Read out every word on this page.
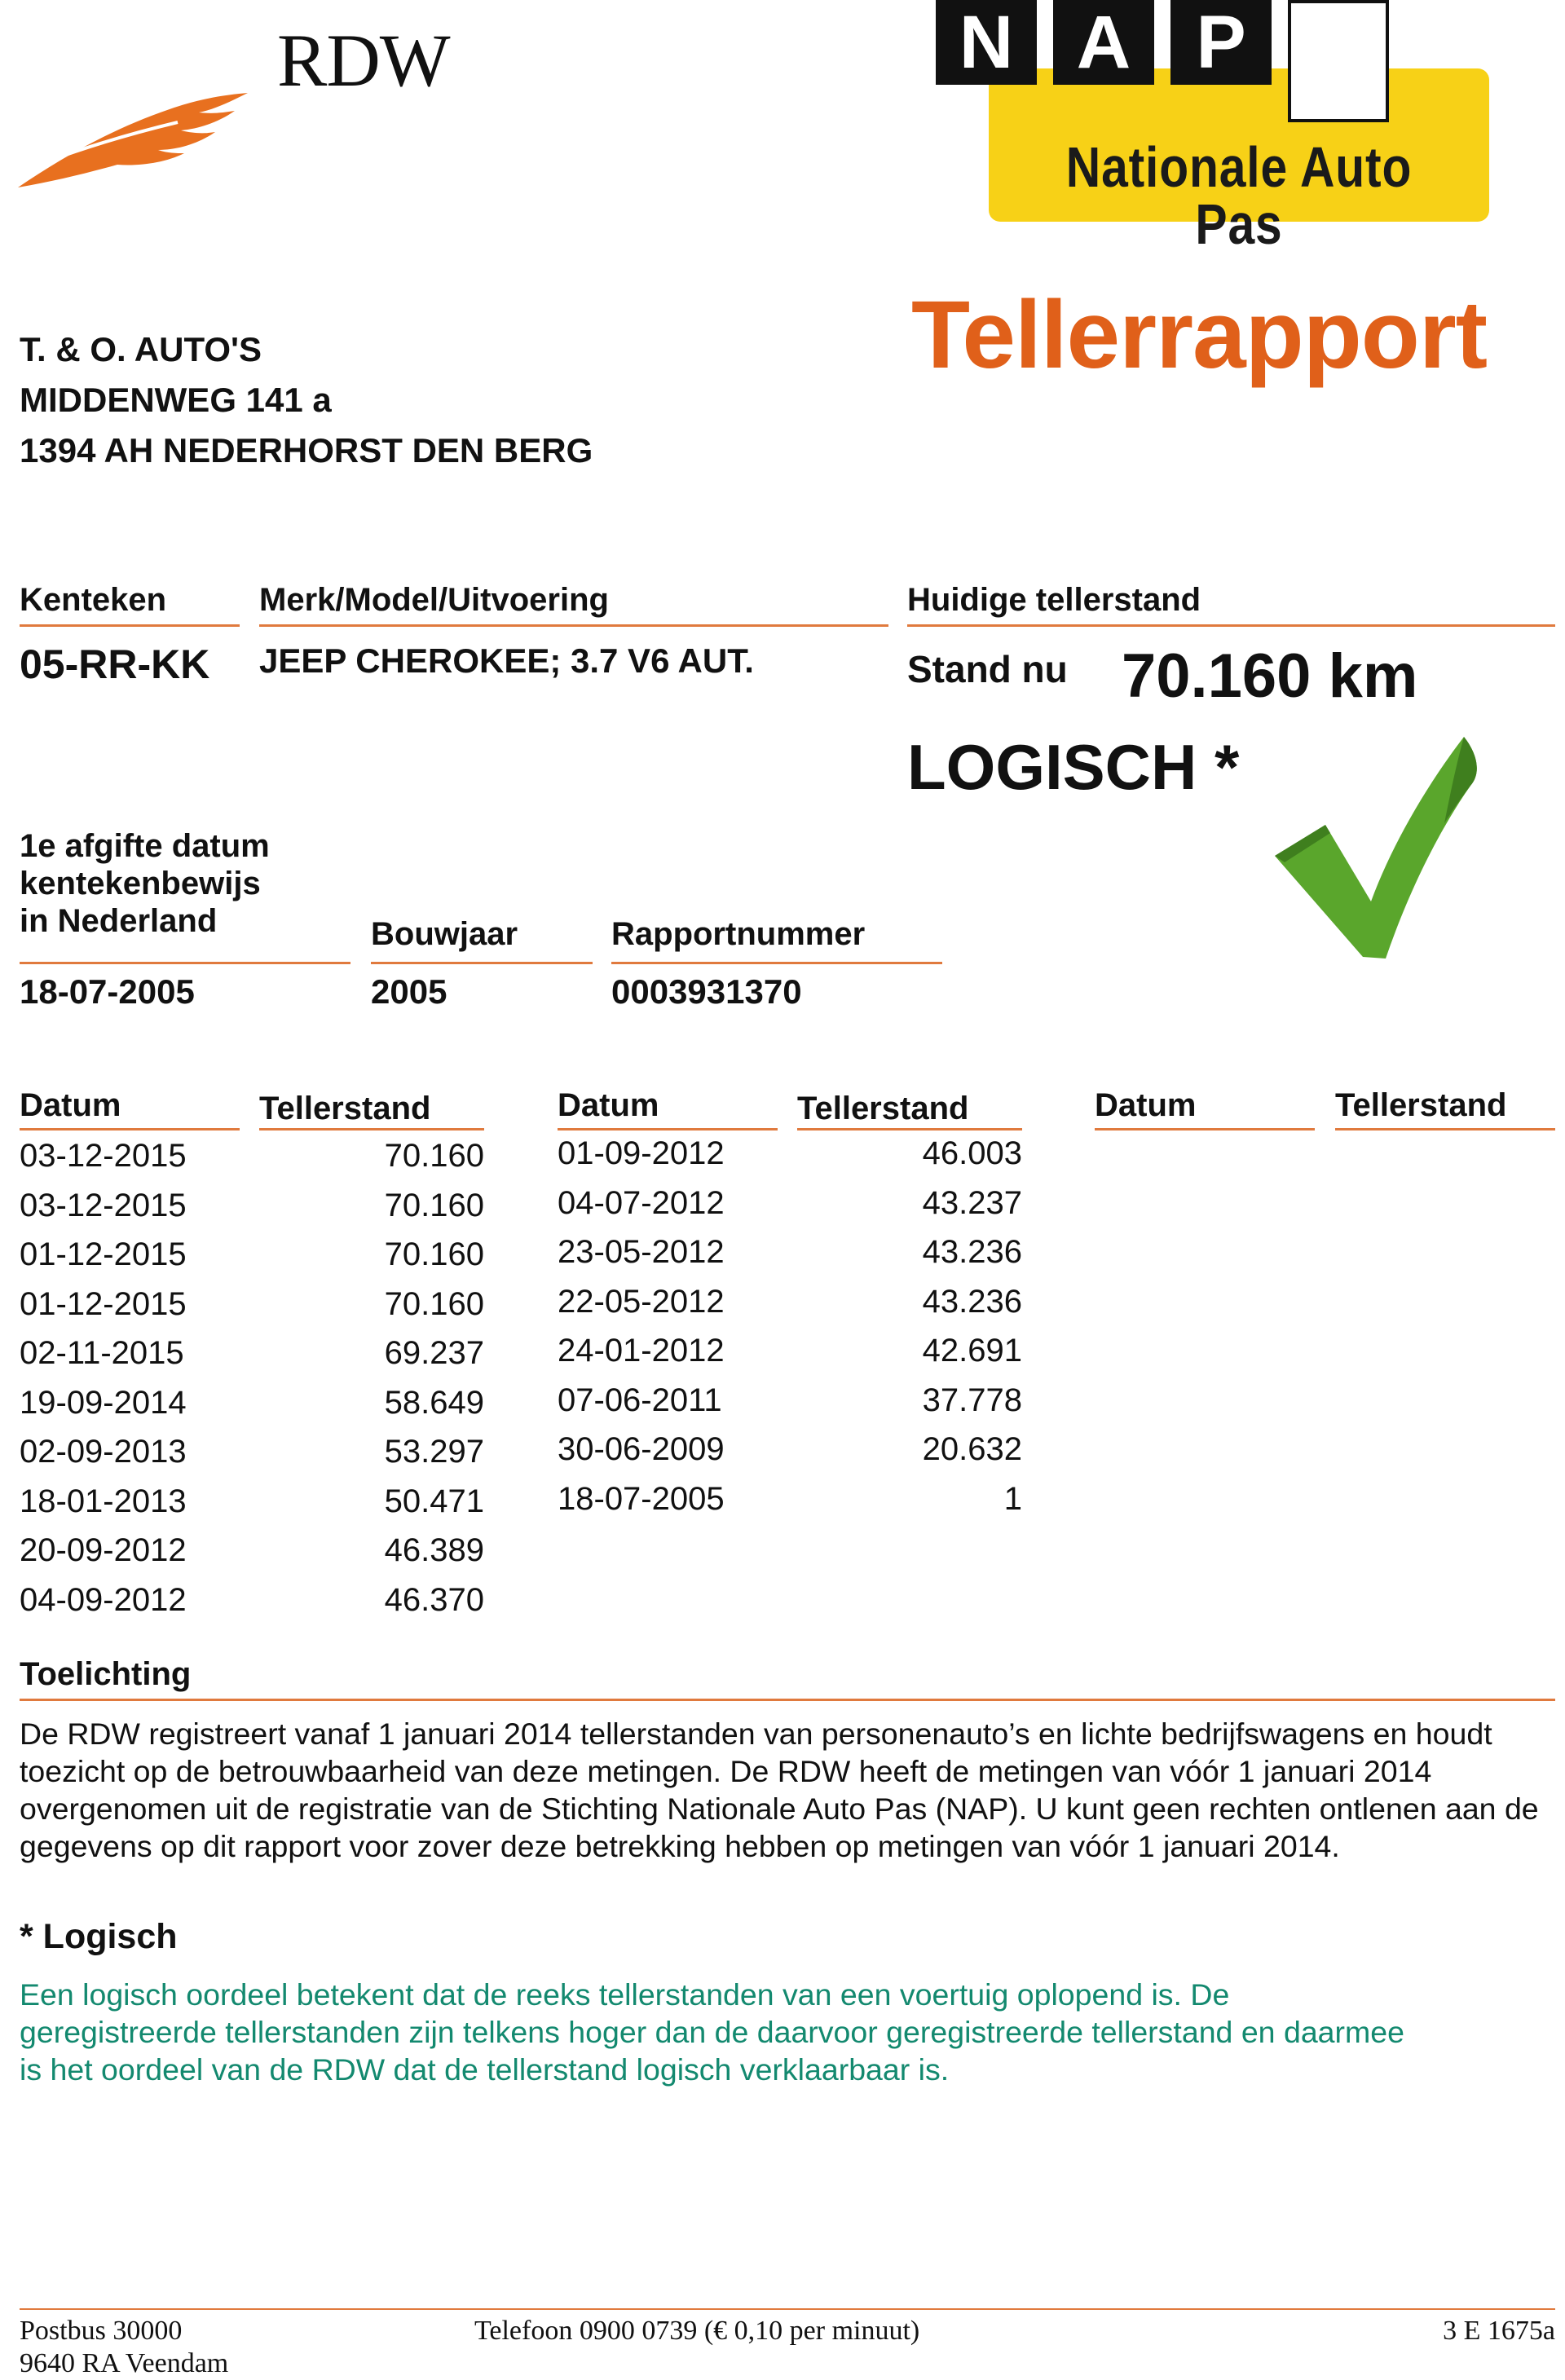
RDW	N A P
Nationale Auto Pas
Tellerrapport
T. & O. AUTO'S
MIDDENWEG 141 a
1394 AH NEDERHORST DEN BERG
Kenteken
05-RR-KK
Merk/Model/Uitvoering
JEEP CHEROKEE; 3.7 V6 AUT.
Huidige tellerstand
Stand nu 70.160 km
LOGISCH *
1e afgifte datum
kentekenbewijs
in Nederland
18-07-2005
Bouwjaar
2005
Rapportnummer
0003931370
Datum	Tellerstand	Datum	Tellerstand	Datum	Tellerstand
03-12-2015	70.160
03-12-2015	70.160
01-12-2015	70.160
01-12-2015	70.160
02-11-2015	69.237
19-09-2014	58.649
02-09-2013	53.297
18-01-2013	50.471
20-09-2012	46.389
04-09-2012	46.370
01-09-2012	46.003
04-07-2012	43.237
23-05-2012	43.236
22-05-2012	43.236
24-01-2012	42.691
07-06-2011	37.778
30-06-2009	20.632
18-07-2005	1
Toelichting
De RDW registreert vanaf 1 januari 2014 tellerstanden van personenauto’s en lichte bedrijfswagens en houdt toezicht op de betrouwbaarheid van deze metingen. De RDW heeft de metingen van vóór 1 januari 2014 overgenomen uit de registratie van de Stichting Nationale Auto Pas (NAP). U kunt geen rechten ontlenen aan de gegevens op dit rapport voor zover deze betrekking hebben op metingen van vóór 1 januari 2014.
* Logisch
Een logisch oordeel betekent dat de reeks tellerstanden van een voertuig oplopend is. De geregistreerde tellerstanden zijn telkens hoger dan de daarvoor geregistreerde tellerstand en daarmee is het oordeel van de RDW dat de tellerstand logisch verklaarbaar is.
Postbus 30000
9640 RA Veendam
Telefoon 0900 0739 (€ 0,10 per minuut)	3 E 1675a
